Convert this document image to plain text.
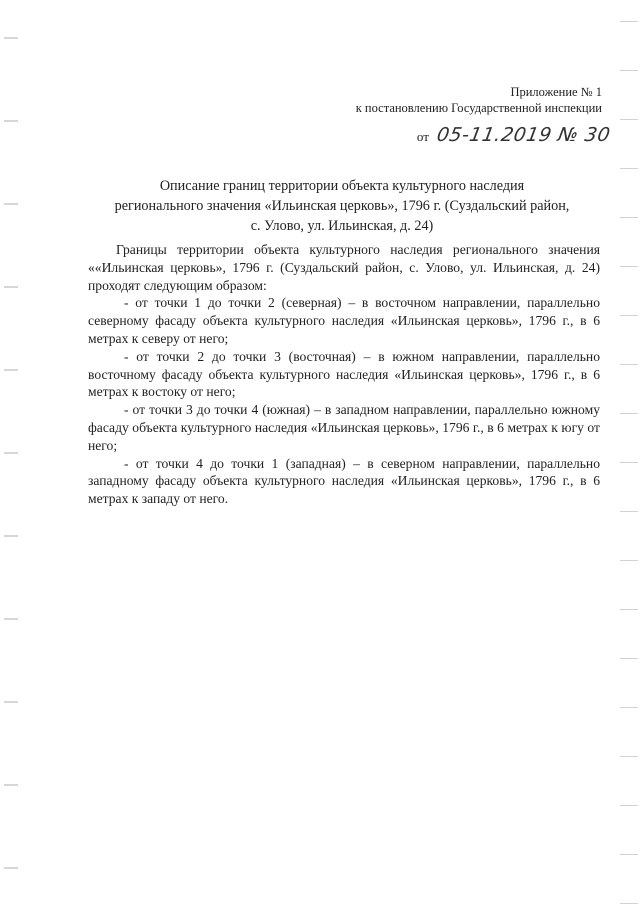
Приложение № 1
к постановлению Государственной инспекции
от 05-11.2019 № 30
Описание границ территории объекта культурного наследия
регионального значения «Ильинская церковь», 1796 г. (Суздальский район,
с. Улово, ул. Ильинская, д. 24)

Границы территории объекта культурного наследия регионального значения ««Ильинская церковь», 1796 г. (Суздальский район, с. Улово, ул. Ильинская, д. 24) проходят следующим образом:

- от точки 1 до точки 2 (северная) – в восточном направлении, параллельно северному фасаду объекта культурного наследия «Ильинская церковь», 1796 г., в 6 метрах к северу от него;

- от точки 2 до точки 3 (восточная) – в южном направлении, параллельно восточному фасаду объекта культурного наследия «Ильинская церковь», 1796 г., в 6 метрах к востоку от него;

- от точки 3 до точки 4 (южная) – в западном направлении, параллельно южному фасаду объекта культурного наследия «Ильинская церковь», 1796 г., в 6 метрах к югу от него;

- от точки 4 до точки 1 (западная) – в северном направлении, параллельно западному фасаду объекта культурного наследия «Ильинская церковь», 1796 г., в 6 метрах к западу от него.
